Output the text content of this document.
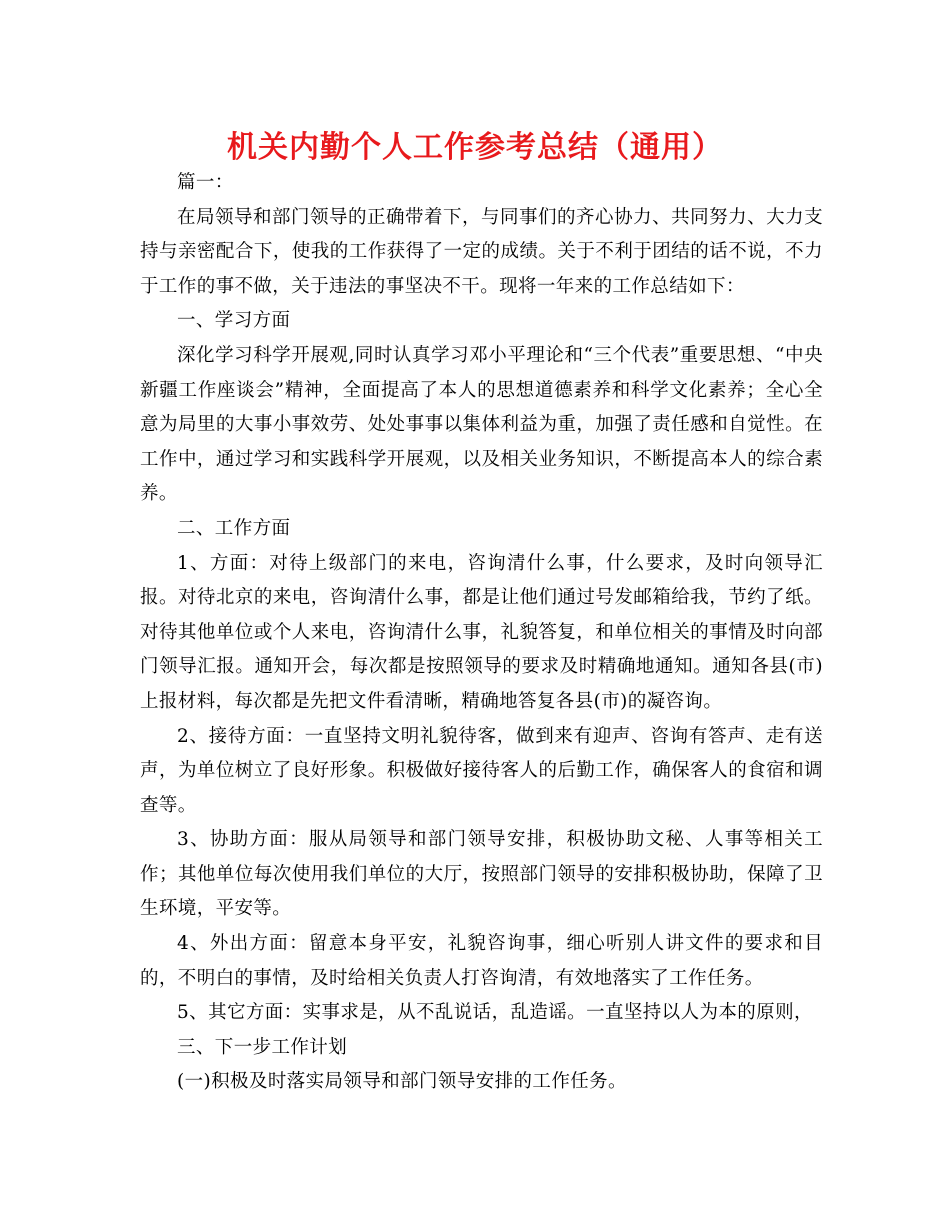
机关内勤个人工作参考总结（通用）

篇一：

在局领导和部门领导的正确带着下，与同事们的齐心协力、共同努力、大力支持与亲密配合下，使我的工作获得了一定的成绩。关于不利于团结的话不说，不力于工作的事不做，关于违法的事坚决不干。现将一年来的工作总结如下：

一、学习方面

深化学习科学开展观,同时认真学习邓小平理论和“三个代表”重要思想、“中央新疆工作座谈会”精神，全面提高了本人的思想道德素养和科学文化素养；全心全意为局里的大事小事效劳、处处事事以集体利益为重，加强了责任感和自觉性。在工作中，通过学习和实践科学开展观，以及相关业务知识，不断提高本人的综合素养。

二、工作方面

1、方面：对待上级部门的来电，咨询清什么事，什么要求，及时向领导汇报。对待北京的来电，咨询清什么事，都是让他们通过号发邮箱给我，节约了纸。对待其他单位或个人来电，咨询清什么事，礼貌答复，和单位相关的事情及时向部门领导汇报。通知开会，每次都是按照领导的要求及时精确地通知。通知各县(市)上报材料，每次都是先把文件看清晰，精确地答复各县(市)的凝咨询。

2、接待方面：一直坚持文明礼貌待客，做到来有迎声、咨询有答声、走有送声，为单位树立了良好形象。积极做好接待客人的后勤工作，确保客人的食宿和调查等。

3、协助方面：服从局领导和部门领导安排，积极协助文秘、人事等相关工作；其他单位每次使用我们单位的大厅，按照部门领导的安排积极协助，保障了卫生环境，平安等。

4、外出方面：留意本身平安，礼貌咨询事，细心听别人讲文件的要求和目的，不明白的事情，及时给相关负责人打咨询清，有效地落实了工作任务。

5、其它方面：实事求是，从不乱说话，乱造谣。一直坚持以人为本的原则，

三、下一步工作计划

(一)积极及时落实局领导和部门领导安排的工作任务。
